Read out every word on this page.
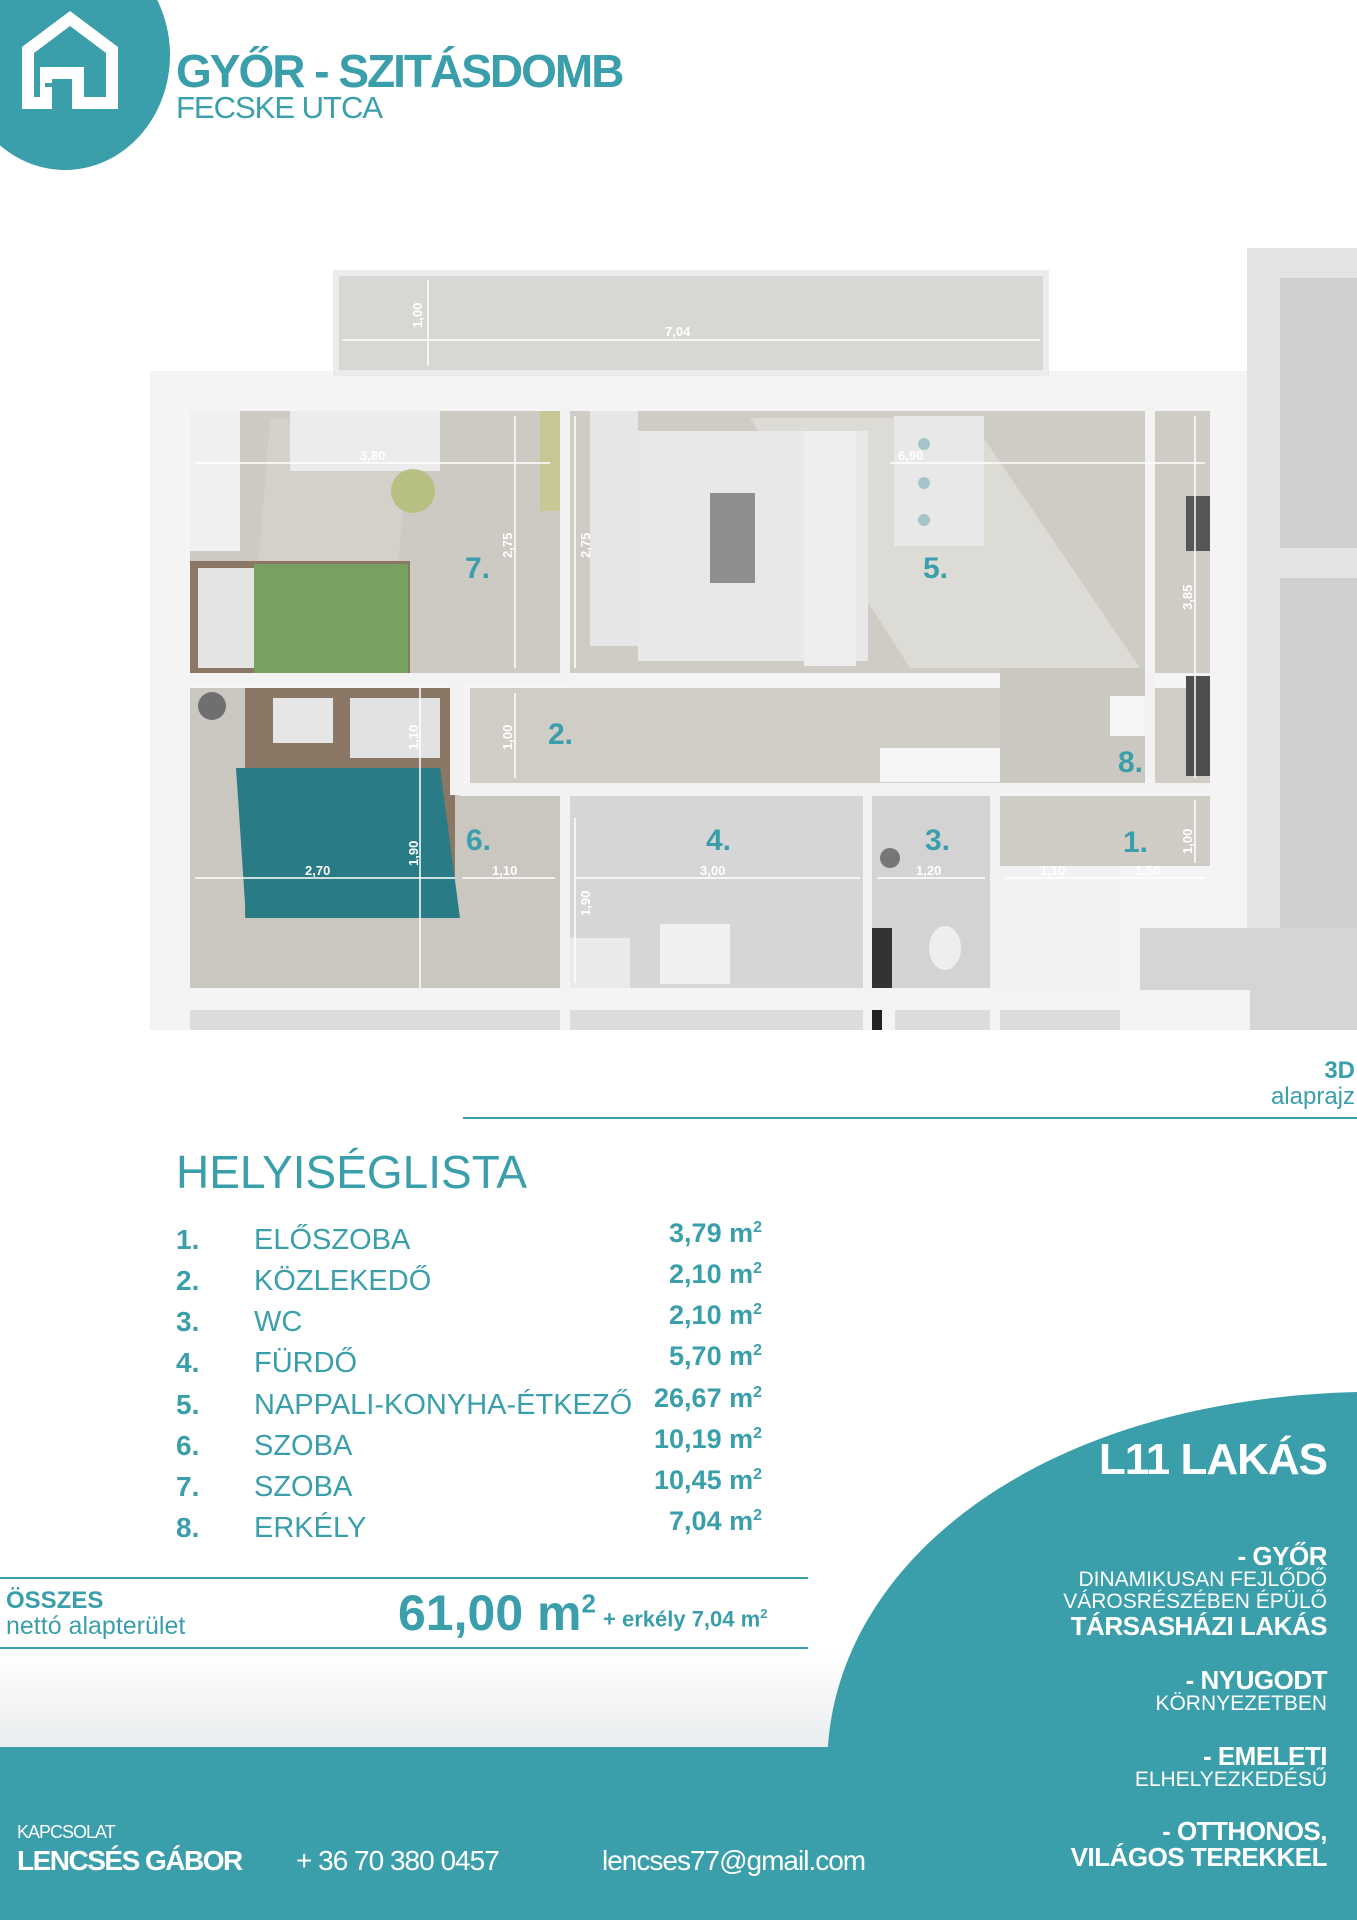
GYŐR - SZITÁSDOMB
FECSKE UTCA
1,00
7,04
3,80
2,75	2,75
6,90
3,85
1,00
1,10
2,70
1,90
1,10	3,00
1,90
1,20	1,10	1,50
1,00
7.	5.
2.
8.
6.	4.	3.	1.
3D
alaprajz
HELYISÉGLISTA
1. ELŐSZOBA	3,79 $m^2$
2. KÖZLEKEDŐ	2,10 $m^2$
3. WC	2,10 $m^2$
4. FÜRDŐ	5,70 $m^2$
5. NAPPALI-KONYHA-ÉTKEZŐ 26,67 $m^2$
6. SZOBA	10,19 $m^2$
7. SZOBA	10,45 $m^2$
8. ERKÉLY	7,04 $m^2$
ÖSSZES
nettó alapterület	61,00 $m^2$
+ erkély 7,04 $m^2$
L11 LAKÁS
- GYŐR
DINAMIKUSAN FEJLŐDŐ
VÁROSRÉSZÉBEN ÉPÜLŐ
TÁRSASHÁZI LAKÁS
- NYUGODT
KÖRNYEZETBEN
- EMELETI
ELHELYEZKEDÉSŰ
- OTTHONOS,
VILÁGOS TEREKKEL
KAPCSOLAT
LENCSÉS GÁBOR + 36 70 380 0457	lencses77@gmail.com
